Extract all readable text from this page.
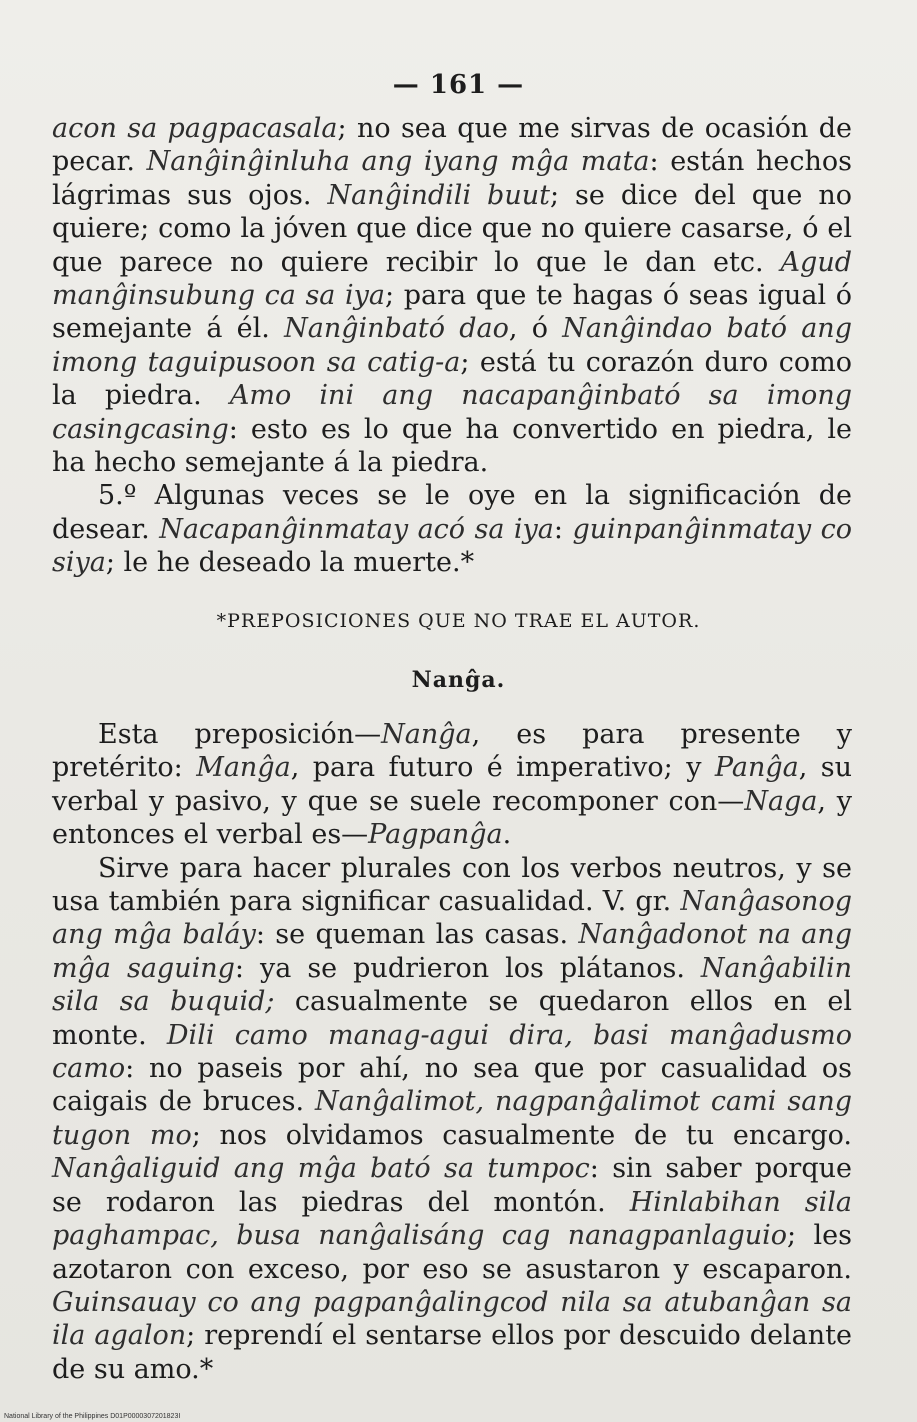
— 161 —

acon sa pagpacasala; no sea que me sirvas de ocasión de pecar. Nanĝinĝinluha ang iyang mĝa mata: están hechos lágrimas sus ojos. Nanĝindili buut; se dice del que no quiere; como la jóven que dice que no quiere casarse, ó el que parece no quiere recibir lo que le dan etc. Agud manĝinsubung ca sa iya; para que te hagas ó seas igual ó semejante á él. Nanĝinbató dao, ó Nanĝindao bató ang imong taguipusoon sa catig-a; está tu corazón duro como la piedra. Amo ini ang nacapanĝinbató sa imong casingcasing: esto es lo que ha convertido en piedra, le ha hecho semejante á la piedra.

5.º Algunas veces se le oye en la significación de desear. Nacapanĝinmatay acó sa iya: guinpanĝinmatay co siya; le he deseado la muerte.*

*PREPOSICIONES QUE NO TRAE EL AUTOR.
Nanĝa.

Esta preposición—Nanĝa, es para presente y pretérito: Manĝa, para futuro é imperativo; y Panĝa, su verbal y pasivo, y que se suele recomponer con—Naga, y entonces el verbal es—Pagpanĝa.

Sirve para hacer plurales con los verbos neutros, y se usa también para significar casualidad. V. gr. Nanĝasonog ang mĝa baláy: se queman las casas. Nanĝadonot na ang mĝa saguing: ya se pudrieron los plátanos. Nanĝabilin sila sa buquid; casualmente se quedaron ellos en el monte. Dili camo manag-agui dira, basi manĝadusmo camo: no paseis por ahí, no sea que por casualidad os caigais de bruces. Nanĝalimot, nagpanĝalimot cami sang tugon mo; nos olvidamos casualmente de tu encargo. Nanĝaliguid ang mĝa bató sa tumpoc: sin saber porque se rodaron las piedras del montón. Hinlabihan sila paghampac, busa nanĝalisáng cag nanagpanlaguio; les azotaron con exceso, por eso se asustaron y escaparon. Guinsauay co ang pagpanĝalingcod nila sa atubanĝan sa ila agalon; reprendí el sentarse ellos por descuido delante de su amo.*

National Library of the Philippines D01P0000307201823I
